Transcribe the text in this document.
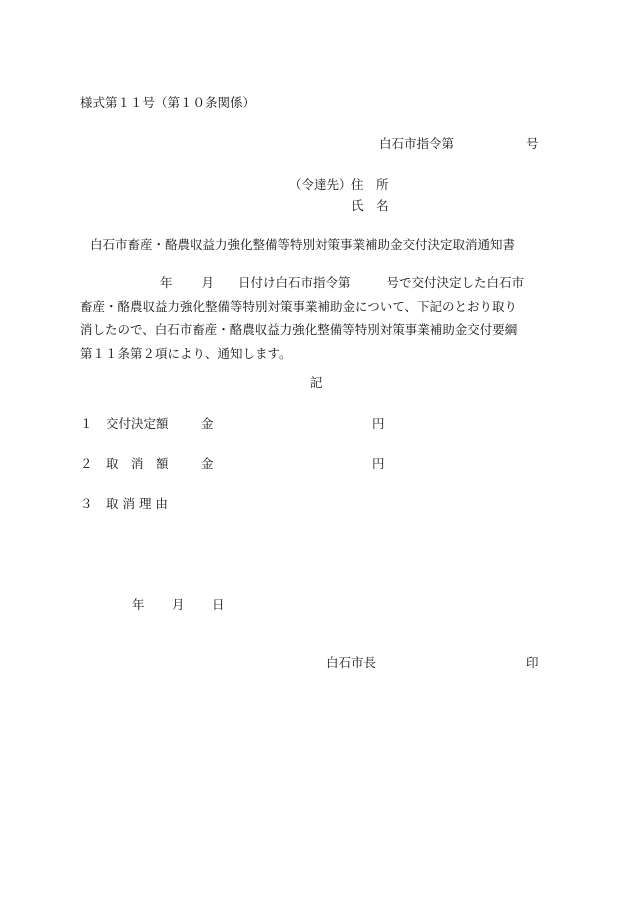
様式第１１号（第１０条関係）
白石市指令第	号
（令達先） 住　所
氏　名
白石市畜産・酪農収益力強化整備等特別対策事業補助金交付決定取消通知書
年 月 日付け白石市指令第	号で交付決定した白石市
畜産・酪農収益力強化整備等特別対策事業補助金について、下記のとおり取り
消したので、白石市畜産・酪農収益力強化整備等特別対策事業補助金交付要綱
第１１条第２項により、通知します。
記
１ 交付決定額	金	円
２ 取　消　額	金	円
３ 取 消 理 由
年 月 日
白石市長	印
